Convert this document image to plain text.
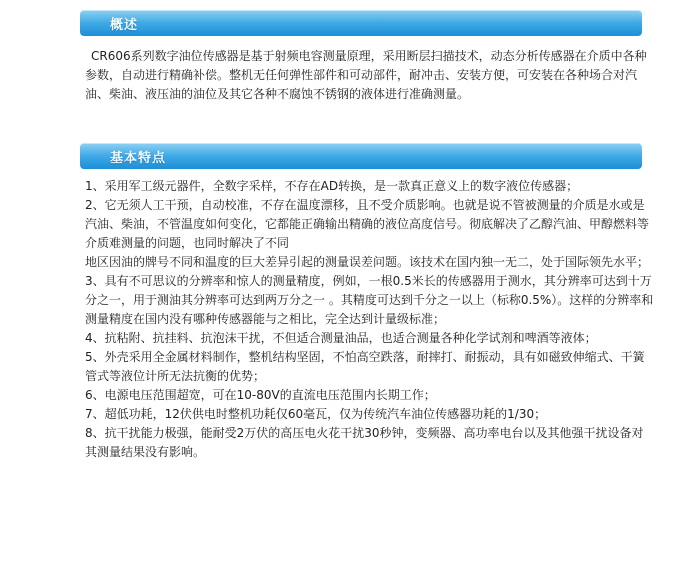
概述

CR606系列数字油位传感器是基于射频电容测量原理，采用断层扫描技术，动态分析传感器在介质中各种参数，自动进行精确补偿。整机无任何弹性部件和可动部件，耐冲击、安装方便，可安装在各种场合对汽油、柴油、液压油的油位及其它各种不腐蚀不锈钢的液体进行准确测量。

基本特点

1、采用军工级元器件，全数字采样，不存在AD转换，是一款真正意义上的数字液位传感器；

2、它无须人工干预，自动校准，不存在温度漂移，且不受介质影响。也就是说不管被测量的介质是水或是汽油、柴油，不管温度如何变化，它都能正确输出精确的液位高度信号。彻底解决了乙醇汽油、甲醇燃料等介质难测量的问题，也同时解决了不同

地区因油的牌号不同和温度的巨大差异引起的测量误差问题。该技术在国内独一无二，处于国际领先水平；

3、具有不可思议的分辨率和惊人的测量精度，例如，一根0.5米长的传感器用于测水，其分辨率可达到十万分之一，用于测油其分辨率可达到两万分之一 。其精度可达到千分之一以上（标称0.5%）。这样的分辨率和测量精度在国内没有哪种传感器能与之相比，完全达到计量级标准；

4、抗粘附、抗挂料、抗泡沫干扰，不但适合测量油品，也适合测量各种化学试剂和啤酒等液体；

5、外壳采用全金属材料制作，整机结构坚固，不怕高空跌落，耐摔打、耐振动，具有如磁致伸缩式、干簧管式等液位计所无法抗衡的优势；

6、电源电压范围超宽，可在10-80V的直流电压范围内长期工作；

7、超低功耗，12伏供电时整机功耗仅60毫瓦，仅为传统汽车油位传感器功耗的1/30；

8、抗干扰能力极强，能耐受2万伏的高压电火花干扰30秒钟，变频器、高功率电台以及其他强干扰设备对其测量结果没有影响。
